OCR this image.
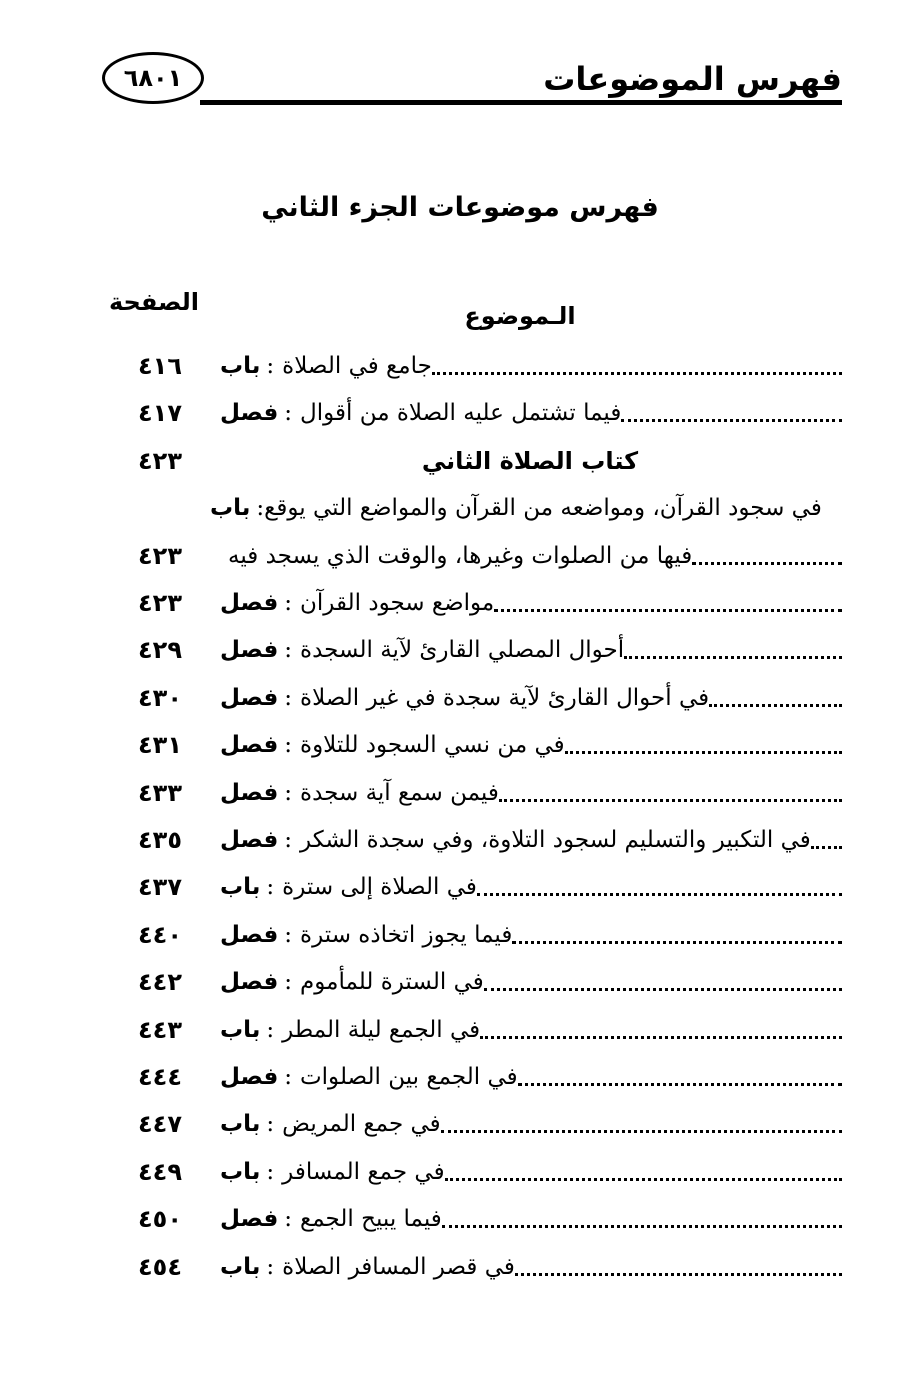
فهرس الموضوعات
٦٨٠١
فهرس موضوعات الجزء الثاني
الـموضوع
الصفحة
باب : جامع في الصلاة
٤١٦
فصل : فيما تشتمل عليه الصلاة من أقوال
٤١٧
كتاب الصلاة الثاني
٤٢٣
باب : في سجود القرآن، ومواضعه من القرآن والمواضع التي يوقع
فيها من الصلوات وغيرها، والوقت الذي يسجد فيه
٤٢٣
فصل : مواضع سجود القرآن
٤٢٣
فصل : أحوال المصلي القارئ لآية السجدة
٤٢٩
فصل : في أحوال القارئ لآية سجدة في غير الصلاة
٤٣٠
فصل : في من نسي السجود للتلاوة
٤٣١
فصل : فيمن سمع آية سجدة
٤٣٣
فصل : في التكبير والتسليم لسجود التلاوة، وفي سجدة الشكر
٤٣٥
باب : في الصلاة إلى سترة
٤٣٧
فصل : فيما يجوز اتخاذه سترة
٤٤٠
فصل : في السترة للمأموم
٤٤٢
باب : في الجمع ليلة المطر
٤٤٣
فصل : في الجمع بين الصلوات
٤٤٤
باب : في جمع المريض
٤٤٧
باب : في جمع المسافر
٤٤٩
فصل : فيما يبيح الجمع
٤٥٠
باب : في قصر المسافر الصلاة
٤٥٤
